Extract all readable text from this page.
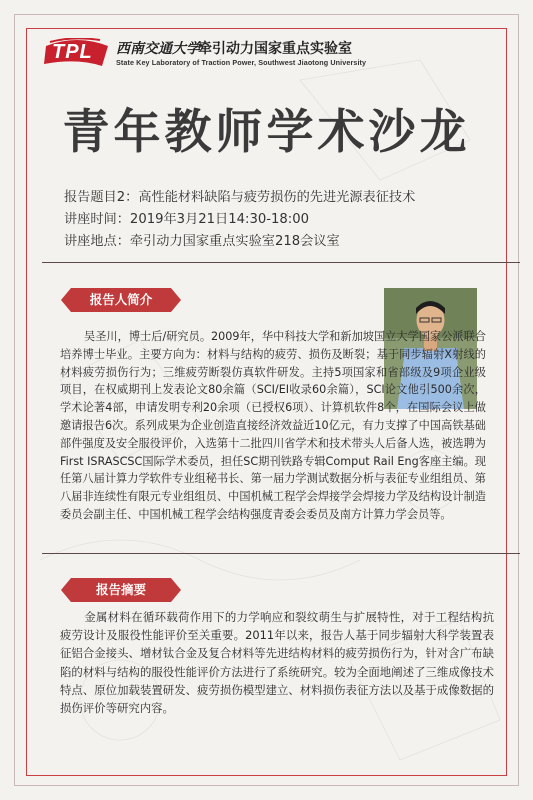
TPL 西南交通大学
牵引动力国家重点实验室
State Key Laboratory of Traction Power, Southwest Jiaotong University
青年教师学术沙龙
报告题目2：高性能材料缺陷与疲劳损伤的先进光源表征技术
讲座时间：2019年3月21日14:30-18:00
讲座地点：牵引动力国家重点实验室218会议室
报告人简介
吴圣川，博士后/研究员。2009年，华中科技大学和新加坡国立大学国家公派联合培养博士毕业。主要方向为：材料与结构的疲劳、损伤及断裂；基于同步辐射X射线的材料疲劳损伤行为；三维疲劳断裂仿真软件研发。主持5项国家和省部级及9项企业级项目，在权威期刊上发表论文80余篇（SCI/EI收录60余篇），SCI论文他引500余次，学术论著4部，申请发明专利20余项（已授权6项）、计算机软件8个，在国际会议上做邀请报告6次。系列成果为企业创造直接经济效益近10亿元，有力支撑了中国高铁基础部件强度及安全服役评价，入选第十二批四川省学术和技术带头人后备人选，被选聘为First ISRASCSC国际学术委员，担任SC期刊铁路专辑Comput Rail Eng客座主编。现任第八届计算力学软件专业组秘书长、第一届力学测试数据分析与表征专业组组员、第八届非连续性有限元专业组组员、中国机械工程学会焊接学会焊接力学及结构设计制造委员会副主任、中国机械工程学会结构强度青委会委员及南方计算力学会员等。
报告摘要
金属材料在循环载荷作用下的力学响应和裂纹萌生与扩展特性，对于工程结构抗疲劳设计及服役性能评价至关重要。2011年以来，报告人基于同步辐射大科学装置表征铝合金接头、增材钛合金及复合材料等先进结构材料的疲劳损伤行为，针对含广布缺陷的材料与结构的服役性能评价方法进行了系统研究。较为全面地阐述了三维成像技术特点、原位加载装置研发、疲劳损伤模型建立、材料损伤表征方法以及基于成像数据的损伤评价等研究内容。
